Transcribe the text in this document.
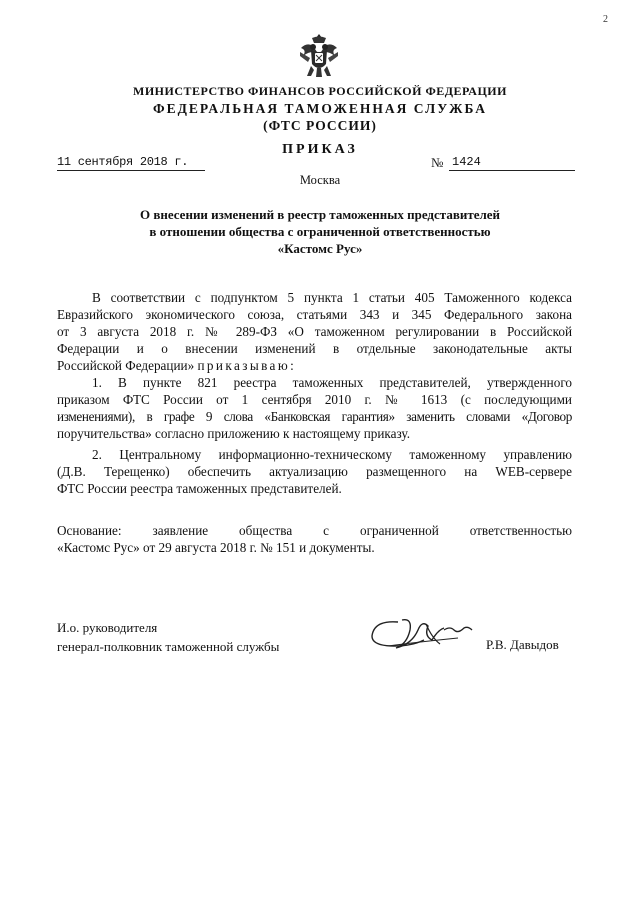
2
МИНИСТЕРСТВО ФИНАНСОВ РОССИЙСКОЙ ФЕДЕРАЦИИ
ФЕДЕРАЛЬНАЯ ТАМОЖЕННАЯ СЛУЖБА
(ФТС РОССИИ)
ПРИКАЗ
11 сентября 2018 г.	№ 1424
Москва
О внесении изменений в реестр таможенных представителей
в отношении общества с ограниченной ответственностью
«Кастомс Рус»
В соответствии с подпунктом 5 пункта 1 статьи 405 Таможенного кодекса
Евразийского экономического союза, статьями 343 и 345 Федерального закона
от 3 августа 2018 г. № 289-ФЗ «О таможенном регулировании в Российской
Федерации и о внесении изменений в отдельные законодательные акты
Российской Федерации» приказываю:
1. В пункте 821 реестра таможенных представителей, утвержденного
приказом ФТС России от 1 сентября 2010 г. № 1613 (с последующими
изменениями), в графе 9 слова «Банковская гарантия» заменить словами «Договор
поручительства» согласно приложению к настоящему приказу.
2. Центральному информационно-техническому таможенному управлению
(Д.В. Терещенко) обеспечить актуализацию размещенного на WEB-сервере
ФТС России реестра таможенных представителей.
Основание: заявление общества с ограниченной ответственностью
«Кастомс Рус» от 29 августа 2018 г. № 151 и документы.
И.о. руководителя
генерал-полковник таможенной службы	Р.В. Давыдов
